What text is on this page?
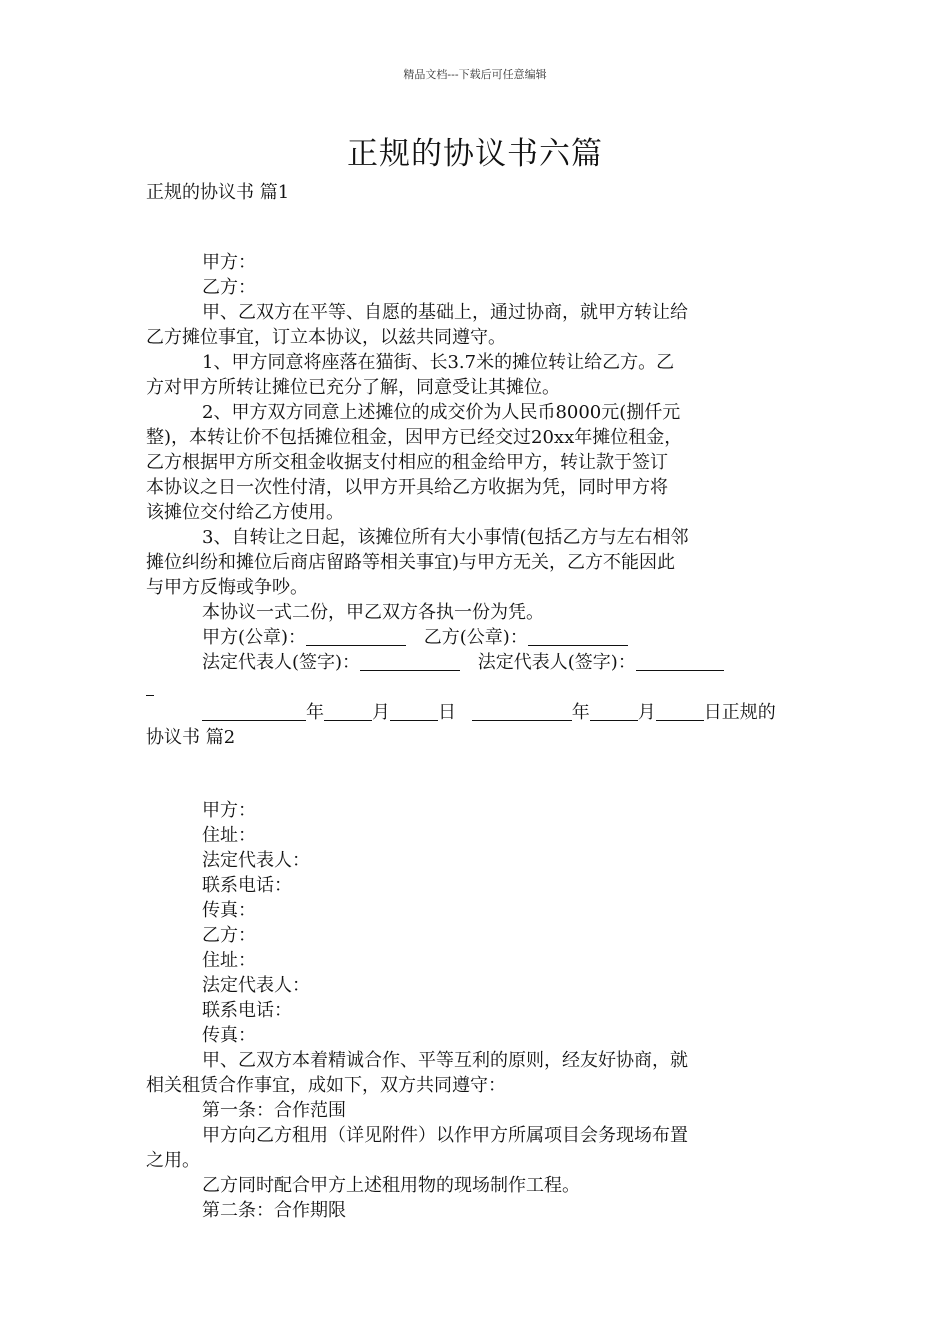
精品文档---下载后可任意编辑
正规的协议书六篇
正规的协议书 篇1
甲方：
乙方：
甲、乙双方在平等、自愿的基础上，通过协商，就甲方转让给
乙方摊位事宜，订立本协议，以兹共同遵守。
1、甲方同意将座落在猫街、长3.7米的摊位转让给乙方。乙
方对甲方所转让摊位已充分了解，同意受让其摊位。
2、甲方双方同意上述摊位的成交价为人民币8000元(捌仟元
整)，本转让价不包括摊位租金，因甲方已经交过20xx年摊位租金，
乙方根据甲方所交租金收据支付相应的租金给甲方，转让款于签订
本协议之日一次性付清，以甲方开具给乙方收据为凭，同时甲方将
该摊位交付给乙方使用。
3、自转让之日起，该摊位所有大小事情(包括乙方与左右相邻
摊位纠纷和摊位后商店留路等相关事宜)与甲方无关，乙方不能因此
与甲方反悔或争吵。
本协议一式二份，甲乙双方各执一份为凭。
甲方(公章)：	乙方(公章)：
法定代表人(签字)：	法定代表人(签字)：
年	月	日	年	月	日正规的
协议书 篇2
甲方：
住址：
法定代表人：
联系电话：
传真：
乙方：
住址：
法定代表人：
联系电话：
传真：
甲、乙双方本着精诚合作、平等互利的原则，经友好协商，就
相关租赁合作事宜，成如下，双方共同遵守：
第一条：合作范围
甲方向乙方租用（详见附件）以作甲方所属项目会务现场布置
之用。
乙方同时配合甲方上述租用物的现场制作工程。
第二条：合作期限
